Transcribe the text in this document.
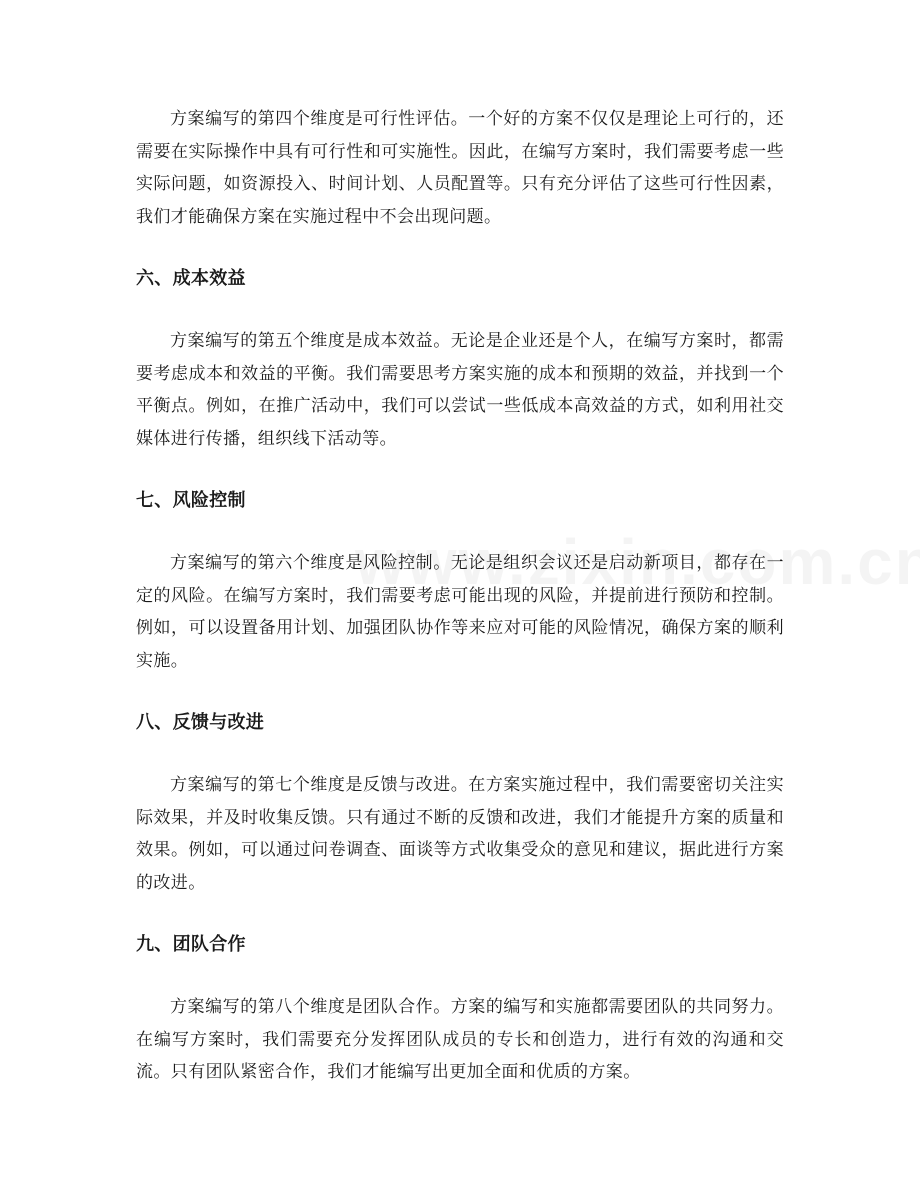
方案编写的第四个维度是可行性评估。一个好的方案不仅仅是理论上可行的，还需要在实际操作中具有可行性和可实施性。因此，在编写方案时，我们需要考虑一些实际问题，如资源投入、时间计划、人员配置等。只有充分评估了这些可行性因素，我们才能确保方案在实施过程中不会出现问题。

六、成本效益

方案编写的第五个维度是成本效益。无论是企业还是个人，在编写方案时，都需要考虑成本和效益的平衡。我们需要思考方案实施的成本和预期的效益，并找到一个平衡点。例如，在推广活动中，我们可以尝试一些低成本高效益的方式，如利用社交媒体进行传播，组织线下活动等。

七、风险控制

方案编写的第六个维度是风险控制。无论是组织会议还是启动新项目，都存在一定的风险。在编写方案时，我们需要考虑可能出现的风险，并提前进行预防和控制。例如，可以设置备用计划、加强团队协作等来应对可能的风险情况，确保方案的顺利实施。

八、反馈与改进

方案编写的第七个维度是反馈与改进。在方案实施过程中，我们需要密切关注实际效果，并及时收集反馈。只有通过不断的反馈和改进，我们才能提升方案的质量和效果。例如，可以通过问卷调查、面谈等方式收集受众的意见和建议，据此进行方案的改进。

九、团队合作

方案编写的第八个维度是团队合作。方案的编写和实施都需要团队的共同努力。在编写方案时，我们需要充分发挥团队成员的专长和创造力，进行有效的沟通和交流。只有团队紧密合作，我们才能编写出更加全面和优质的方案。
